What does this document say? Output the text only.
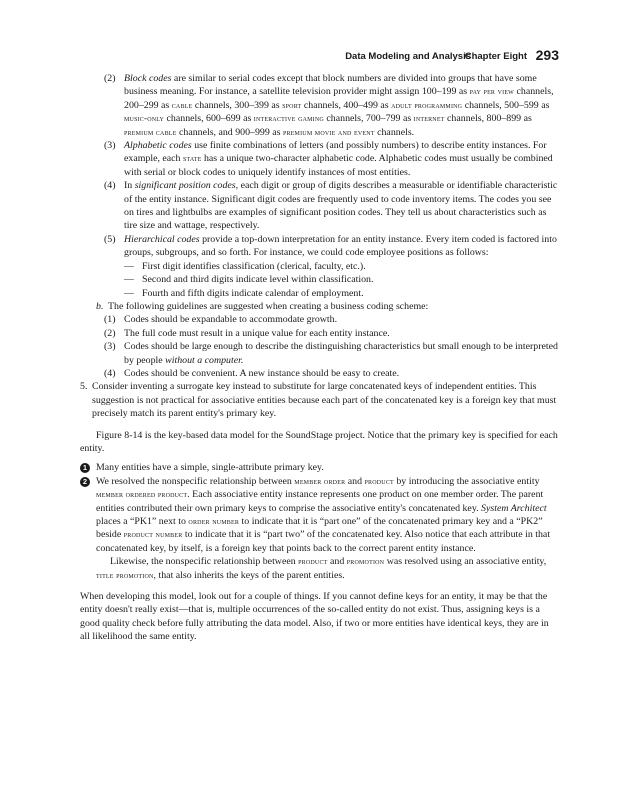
Data Modeling and Analysis
Chapter Eight 293
(2) Block codes are similar to serial codes except that block numbers are divided into groups that have some business meaning. For instance, a satellite television provider might assign 100–199 as pay per view channels, 200–299 as cable channels, 300–399 as sport channels, 400–499 as adult programming channels, 500–599 as music-only channels, 600–699 as interactive gaming channels, 700–799 as internet channels, 800–899 as premium cable channels, and 900–999 as premium movie and event channels.
(3) Alphabetic codes use finite combinations of letters (and possibly numbers) to describe entity instances. For example, each state has a unique two-character alphabetic code. Alphabetic codes must usually be combined with serial or block codes to uniquely identify instances of most entities.
(4) In significant position codes, each digit or group of digits describes a measurable or identifiable characteristic of the entity instance. Significant digit codes are frequently used to code inventory items. The codes you see on tires and lightbulbs are examples of significant position codes. They tell us about characteristics such as tire size and wattage, respectively.
(5) Hierarchical codes provide a top-down interpretation for an entity instance. Every item coded is factored into groups, subgroups, and so forth. For instance, we could code employee positions as follows:
— First digit identifies classification (clerical, faculty, etc.).
— Second and third digits indicate level within classification.
— Fourth and fifth digits indicate calendar of employment.
b. The following guidelines are suggested when creating a business coding scheme:
(1) Codes should be expandable to accommodate growth.
(2) The full code must result in a unique value for each entity instance.
(3) Codes should be large enough to describe the distinguishing characteristics but small enough to be interpreted by people without a computer.
(4) Codes should be convenient. A new instance should be easy to create.
5. Consider inventing a surrogate key instead to substitute for large concatenated keys of independent entities. This suggestion is not practical for associative entities because each part of the concatenated key is a foreign key that must precisely match its parent entity's primary key.
Figure 8-14 is the key-based data model for the SoundStage project. Notice that the primary key is specified for each entity.
1 Many entities have a simple, single-attribute primary key.
2 We resolved the nonspecific relationship between member order and product by introducing the associative entity member ordered product. Each associative entity instance represents one product on one member order. The parent entities contributed their own primary keys to comprise the associative entity's concatenated key. System Architect places a “PK1” next to order number to indicate that it is “part one” of the concatenated primary key and a “PK2” beside product number to indicate that it is “part two” of the concatenated key. Also notice that each attribute in that concatenated key, by itself, is a foreign key that points back to the correct parent entity instance.
Likewise, the nonspecific relationship between product and promotion was resolved using an associative entity, title promotion, that also inherits the keys of the parent entities.
When developing this model, look out for a couple of things. If you cannot define keys for an entity, it may be that the entity doesn't really exist—that is, multiple occurrences of the so-called entity do not exist. Thus, assigning keys is a good quality check before fully attributing the data model. Also, if two or more entities have identical keys, they are in all likelihood the same entity.
